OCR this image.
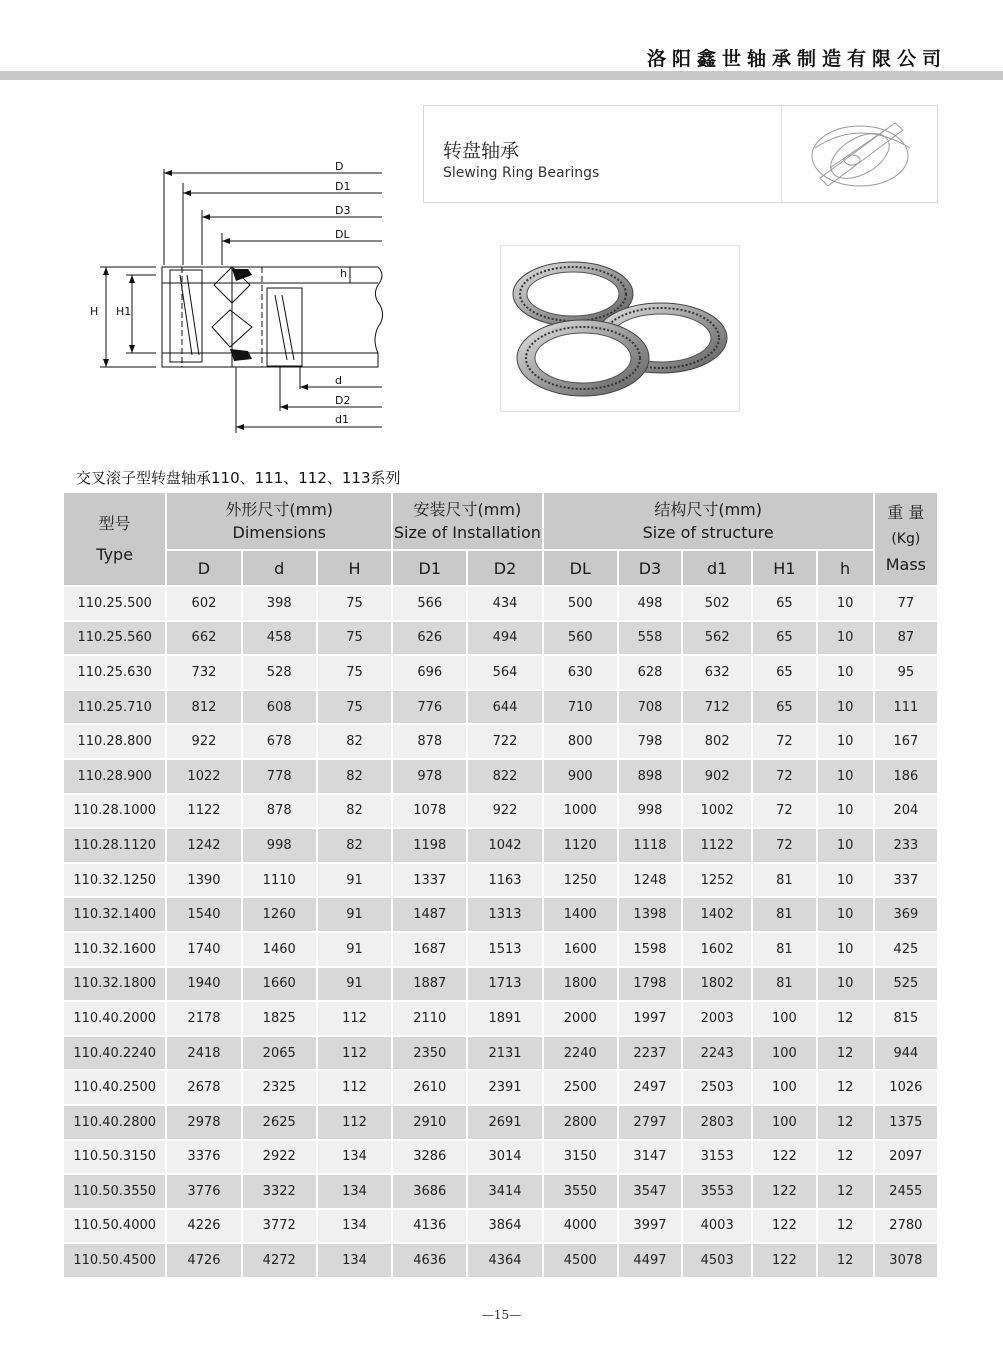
洛阳鑫世轴承制造有限公司
转盘轴承
Slewing Ring Bearings
D
D1
D3
DL
h
H H1
d
D2
d1
交叉滚子型转盘轴承110、111、112、113系列
型号
Type	外形尺寸(mm)
Dimensions			安装尺寸(mm)
Size of Installation		结构尺寸(mm)
Size of structure					重 量
(Kg)
Mass

	D	d	H	D1	D2	DL	D3	d1	H1	h	
110.25.500	602	398	75	566	434	500	498	502	65	10	77
110.25.560	662	458	75	626	494	560	558	562	65	10	87
110.25.630	732	528	75	696	564	630	628	632	65	10	95
110.25.710	812	608	75	776	644	710	708	712	65	10	111
110.28.800	922	678	82	878	722	800	798	802	72	10	167
110.28.900	1022	778	82	978	822	900	898	902	72	10	186
110.28.1000	1122	878	82	1078	922	1000	998	1002	72	10	204
110.28.1120	1242	998	82	1198	1042	1120	1118	1122	72	10	233
110.32.1250	1390	1110	91	1337	1163	1250	1248	1252	81	10	337
110.32.1400	1540	1260	91	1487	1313	1400	1398	1402	81	10	369
110.32.1600	1740	1460	91	1687	1513	1600	1598	1602	81	10	425
110.32.1800	1940	1660	91	1887	1713	1800	1798	1802	81	10	525
110.40.2000	2178	1825	112	2110	1891	2000	1997	2003	100	12	815
110.40.2240	2418	2065	112	2350	2131	2240	2237	2243	100	12	944
110.40.2500	2678	2325	112	2610	2391	2500	2497	2503	100	12	1026
110.40.2800	2978	2625	112	2910	2691	2800	2797	2803	100	12	1375
110.50.3150	3376	2922	134	3286	3014	3150	3147	3153	122	12	2097
110.50.3550	3776	3322	134	3686	3414	3550	3547	3553	122	12	2455
110.50.4000	4226	3772	134	4136	3864	4000	3997	4003	122	12	2780
110.50.4500	4726	4272	134	4636	4364	4500	4497	4503	122	12	3078
—15—
